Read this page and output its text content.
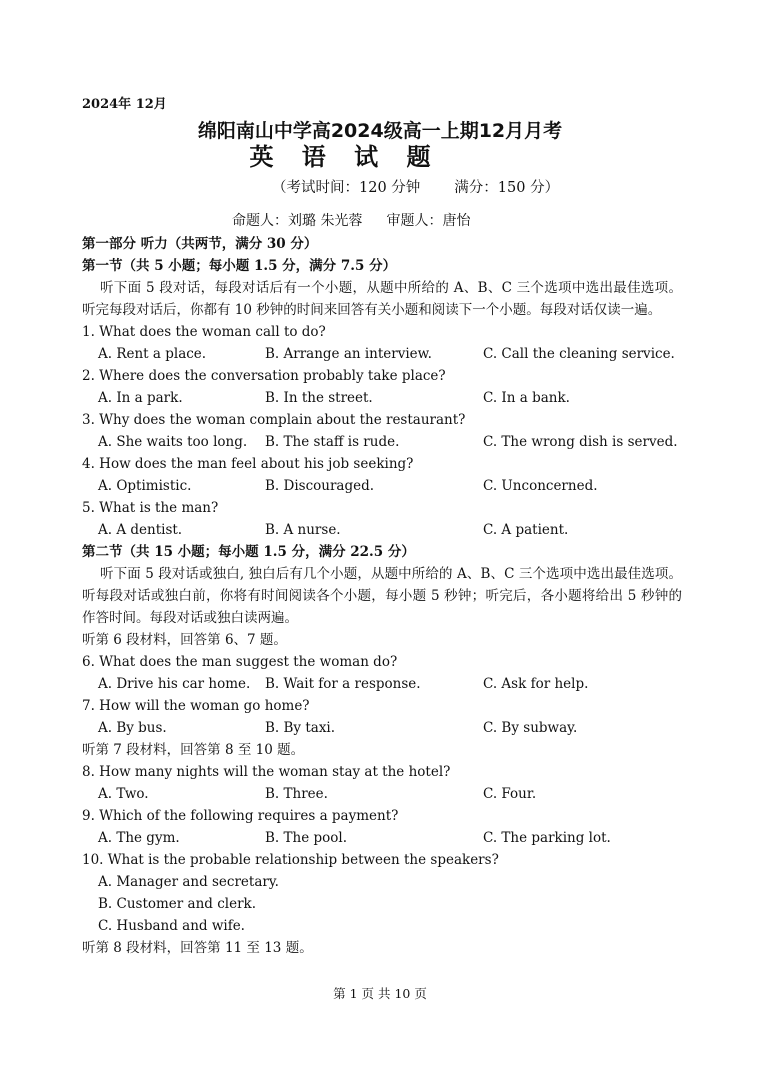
2024年 12月
绵阳南山中学高2024级高一上期12月月考
英 语 试 题
（考试时间：120 分钟 满分：150 分）
命题人：刘璐 朱光蓉 审题人：唐怡
第一部分 听力（共两节，满分 30 分）
第一节（共 5 小题；每小题 1.5 分，满分 7.5 分）
听下面 5 段对话，每段对话后有一个小题，从题中所给的 A、B、C 三个选项中选出最佳选项。听完每段对话后，你都有 10 秒钟的时间来回答有关小题和阅读下一个小题。每段对话仅读一遍。
1. What does the woman call to do?
A. Rent a place.	B. Arrange an interview.	C. Call the cleaning service.
2. Where does the conversation probably take place?
A. In a park.	B. In the street.	C. In a bank.
3. Why does the woman complain about the restaurant?
A. She waits too long.	B. The staff is rude.	C. The wrong dish is served.
4. How does the man feel about his job seeking?
A. Optimistic.	B. Discouraged.	C. Unconcerned.
5. What is the man?
A. A dentist.	B. A nurse.	C. A patient.
第二节（共 15 小题；每小题 1.5 分，满分 22.5 分）
听下面 5 段对话或独白, 独白后有几个小题，从题中所给的 A、B、C 三个选项中选出最佳选项。听每段对话或独白前，你将有时间阅读各个小题，每小题 5 秒钟；听完后，各小题将给出 5 秒钟的作答时间。每段对话或独白读两遍。
听第 6 段材料，回答第 6、7 题。
6. What does the man suggest the woman do?
A. Drive his car home.	B. Wait for a response.	C. Ask for help.
7. How will the woman go home?
A. By bus.	B. By taxi.	C. By subway.
听第 7 段材料，回答第 8 至 10 题。
8. How many nights will the woman stay at the hotel?
A. Two.	B. Three.	C. Four.
9. Which of the following requires a payment?
A. The gym.	B. The pool.	C. The parking lot.
10. What is the probable relationship between the speakers?
A. Manager and secretary.
B. Customer and clerk.
C. Husband and wife.
听第 8 段材料，回答第 11 至 13 题。
第 1 页 共 10 页
